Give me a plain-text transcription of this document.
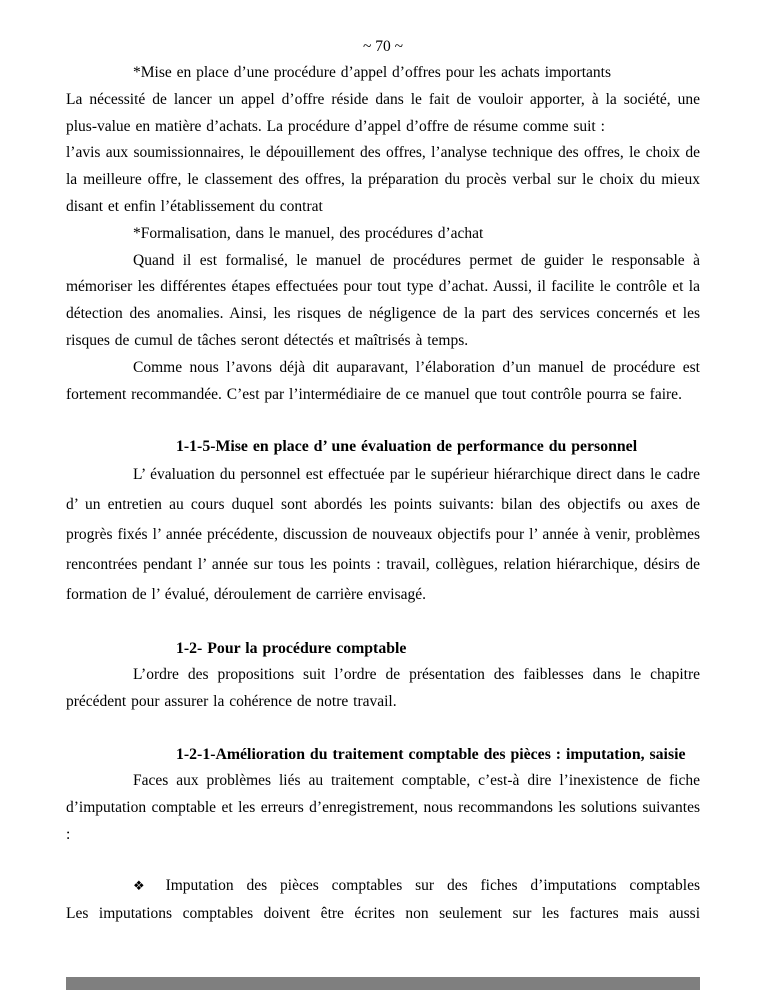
~ 70 ~

*Mise en place d’une procédure d’appel d’offres pour les achats importants

La nécessité de lancer un appel d’offre réside dans le fait de vouloir apporter, à la société, une plus-value en matière d’achats. La procédure d’appel d’offre de résume comme suit :

l’avis aux soumissionnaires, le dépouillement des offres, l’analyse technique des offres, le choix de la meilleure offre, le classement des offres, la préparation du procès verbal sur le choix du mieux disant et enfin l’établissement du contrat

*Formalisation, dans le manuel, des procédures d’achat

Quand il est formalisé, le manuel de procédures permet de guider le responsable à mémoriser les différentes étapes effectuées pour tout type d’achat. Aussi, il facilite le contrôle et la détection des anomalies. Ainsi, les risques de négligence de la part des services concernés et les risques de cumul de tâches seront détectés et maîtrisés à temps.

Comme nous l’avons déjà dit auparavant, l’élaboration d’un manuel de procédure est fortement recommandée. C’est par l’intermédiaire de ce manuel que tout contrôle pourra se faire.

1-1-5-Mise en place d’ une évaluation de performance du personnel

L’ évaluation du personnel est effectuée par le supérieur hiérarchique direct dans le cadre d’ un entretien au cours duquel sont abordés les points suivants: bilan des objectifs ou axes de progrès fixés l’ année précédente, discussion de nouveaux objectifs pour l’ année à venir, problèmes rencontrées pendant l’ année sur tous les points : travail, collègues, relation hiérarchique, désirs de formation de l’ évalué, déroulement de carrière envisagé.

1-2- Pour la procédure comptable

L’ordre des propositions suit l’ordre de présentation des faiblesses dans le chapitre précédent pour assurer la cohérence de notre travail.

1-2-1-Amélioration du traitement comptable des pièces : imputation, saisie

Faces aux problèmes liés au traitement comptable, c’est-à dire l’inexistence de fiche d’imputation comptable et les erreurs d’enregistrement, nous recommandons les solutions suivantes :

❖ Imputation des pièces comptables sur des fiches d’imputations comptables

Les imputations comptables doivent être écrites non seulement sur les factures mais aussi
